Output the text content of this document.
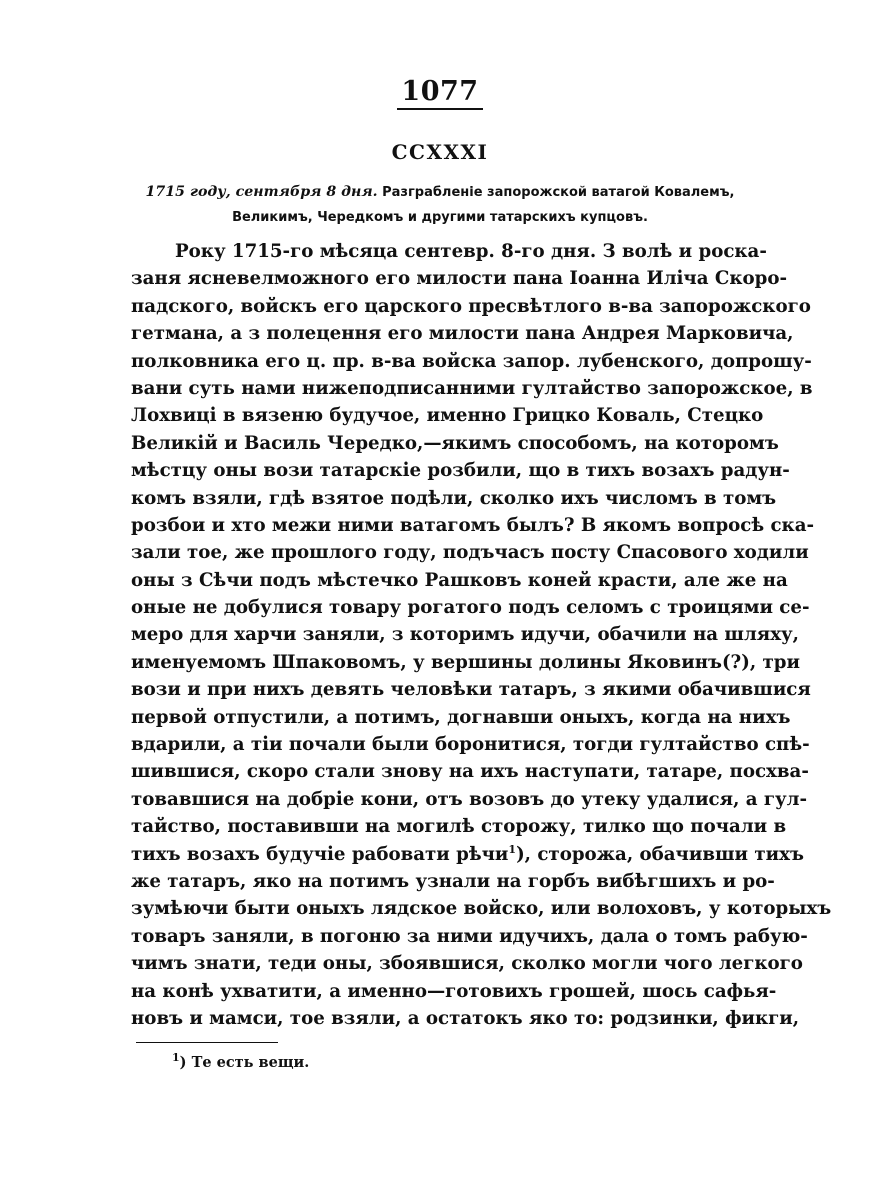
1077
CCXXXI
1715 году, сентября 8 дня. Разграбленіе запорожской ватагой Ковалемъ,
Великимъ, Чередкомъ и другими татарскихъ купцовъ.
Року 1715-го мѣсяца сентевр. 8-го дня. З волѣ и роска-
заня ясневелможного его милости пана Іоанна Иліча Скоро-
падского, войскъ его царского пресвѣтлого в-ва запорожского
гетмана, а з полецення его милости пана Андрея Марковича,
полковника его ц. пр. в-ва войска запор. лубенского, допрошу-
вани суть нами нижеподписанними гултайство запорожское, в
Лохвиці в вязеню будучое, именно Грицко Коваль, Стецко
Великій и Василь Чередко,—якимъ способомъ, на которомъ
мѣстцу оны вози татарскіе розбили, що в тихъ возахъ радун-
комъ взяли, гдѣ взятое подѣли, сколко ихъ числомъ в томъ
розбои и хто межи ними ватагомъ былъ? В якомъ вопросѣ ска-
зали тое, же прошлого году, подъчасъ посту Спасового ходили
оны з Сѣчи подъ мѣстечко Рашковъ коней красти, але же на
оные не добулися товару рогатого подъ селомъ с троицями се-
меро для харчи заняли, з которимъ идучи, обачили на шляху,
именуемомъ Шпаковомъ, у вершины долины Яковинъ(?), три
вози и при нихъ девять человѣки татаръ, з якими обачившися
первой отпустили, а потимъ, догнавши оныхъ, когда на нихъ
вдарили, а тіи почали были боронитися, тогди гултайство спѣ-
шившися, скоро стали знову на ихъ наступати, татаре, посхва-
товавшися на добріе кони, отъ возовъ до утеку удалися, а гул-
тайство, поставивши на могилѣ сторожу, тилко що почали в
тихъ возахъ будучіе рабовати рѣчи$^1$), сторожа, обачивши тихъ
же татаръ, яко на потимъ узнали на горбъ вибѣгшихъ и ро-
зумѣючи быти оныхъ лядское войско, или волоховъ, у которыхъ
товаръ заняли, в погоню за ними идучихъ, дала о томъ рабую-
чимъ знати, теди оны, збоявшися, сколко могли чого легкого
на конѣ ухватити, а именно—готовихъ грошей, шось сафья-
новъ и мамси, тое взяли, а остатокъ яко то: родзинки, фикги,
$^1$) Те есть вещи.
